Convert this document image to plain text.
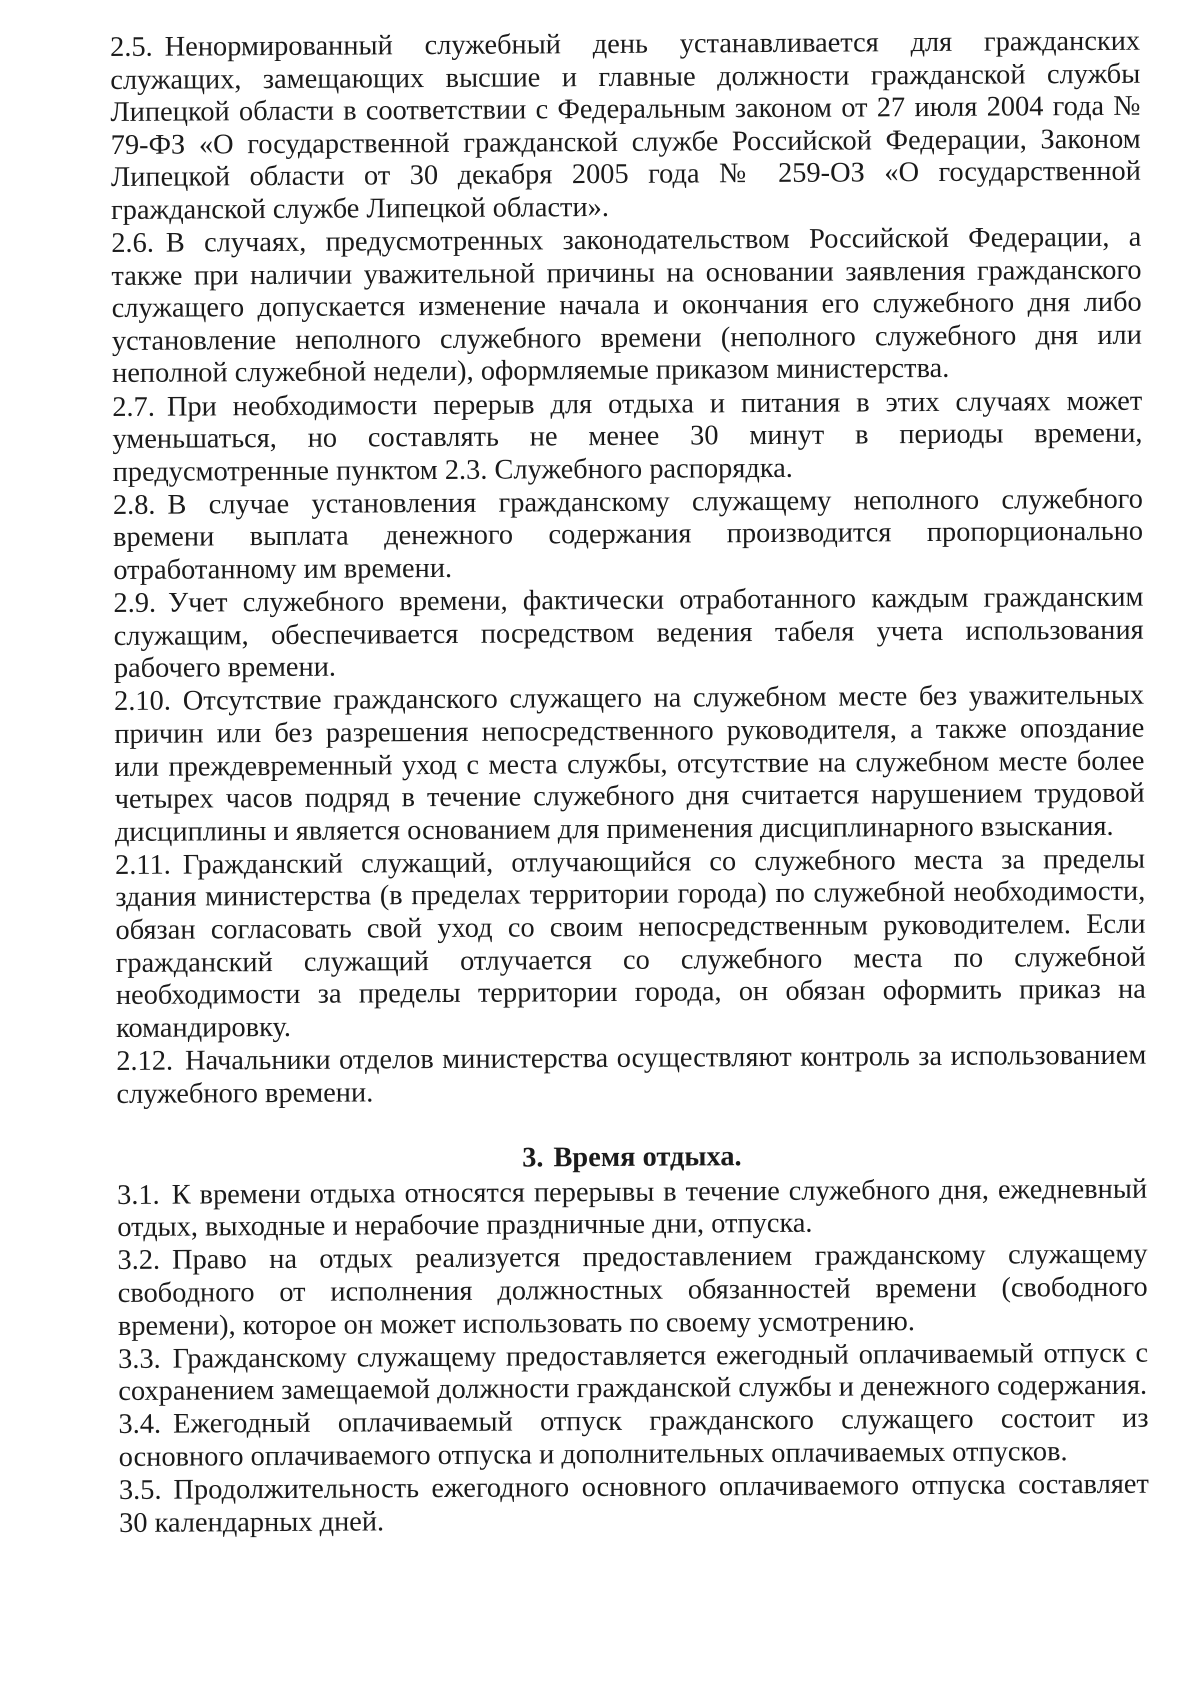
2.5. Ненормированный служебный день устанавливается для гражданских служащих, замещающих высшие и главные должности гражданской службы Липецкой области в соответствии с Федеральным законом от 27 июля 2004 года № 79-ФЗ «О государственной гражданской службе Российской Федерации, Законом Липецкой области от 30 декабря 2005 года № 259-ОЗ «О государственной гражданской службе Липецкой области».

2.6. В случаях, предусмотренных законодательством Российской Федерации, а также при наличии уважительной причины на основании заявления гражданского служащего допускается изменение начала и окончания его служебного дня либо установление неполного служебного времени (неполного служебного дня или неполной служебной недели), оформляемые приказом министерства.

2.7. При необходимости перерыв для отдыха и питания в этих случаях может уменьшаться, но составлять не менее 30 минут в периоды времени, предусмотренные пунктом 2.3. Служебного распорядка.

2.8. В случае установления гражданскому служащему неполного служебного времени выплата денежного содержания производится пропорционально отработанному им времени.

2.9. Учет служебного времени, фактически отработанного каждым гражданским служащим, обеспечивается посредством ведения табеля учета использования рабочего времени.

2.10. Отсутствие гражданского служащего на служебном месте без уважительных причин или без разрешения непосредственного руководителя, а также опоздание или преждевременный уход с места службы, отсутствие на служебном месте более четырех часов подряд в течение служебного дня считается нарушением трудовой дисциплины и является основанием для применения дисциплинарного взыскания.

2.11. Гражданский служащий, отлучающийся со служебного места за пределы здания министерства (в пределах территории города) по служебной необходимости, обязан согласовать свой уход со своим непосредственным руководителем. Если гражданский служащий отлучается со служебного места по служебной необходимости за пределы территории города, он обязан оформить приказ на командировку.

2.12. Начальники отделов министерства осуществляют контроль за использованием служебного времени.

3. Время отдыха.

3.1. К времени отдыха относятся перерывы в течение служебного дня, ежедневный отдых, выходные и нерабочие праздничные дни, отпуска.

3.2. Право на отдых реализуется предоставлением гражданскому служащему свободного от исполнения должностных обязанностей времени (свободного времени), которое он может использовать по своему усмотрению.

3.3. Гражданскому служащему предоставляется ежегодный оплачиваемый отпуск с сохранением замещаемой должности гражданской службы и денежного содержания.

3.4. Ежегодный оплачиваемый отпуск гражданского служащего состоит из основного оплачиваемого отпуска и дополнительных оплачиваемых отпусков.

3.5. Продолжительность ежегодного основного оплачиваемого отпуска составляет 30 календарных дней.
